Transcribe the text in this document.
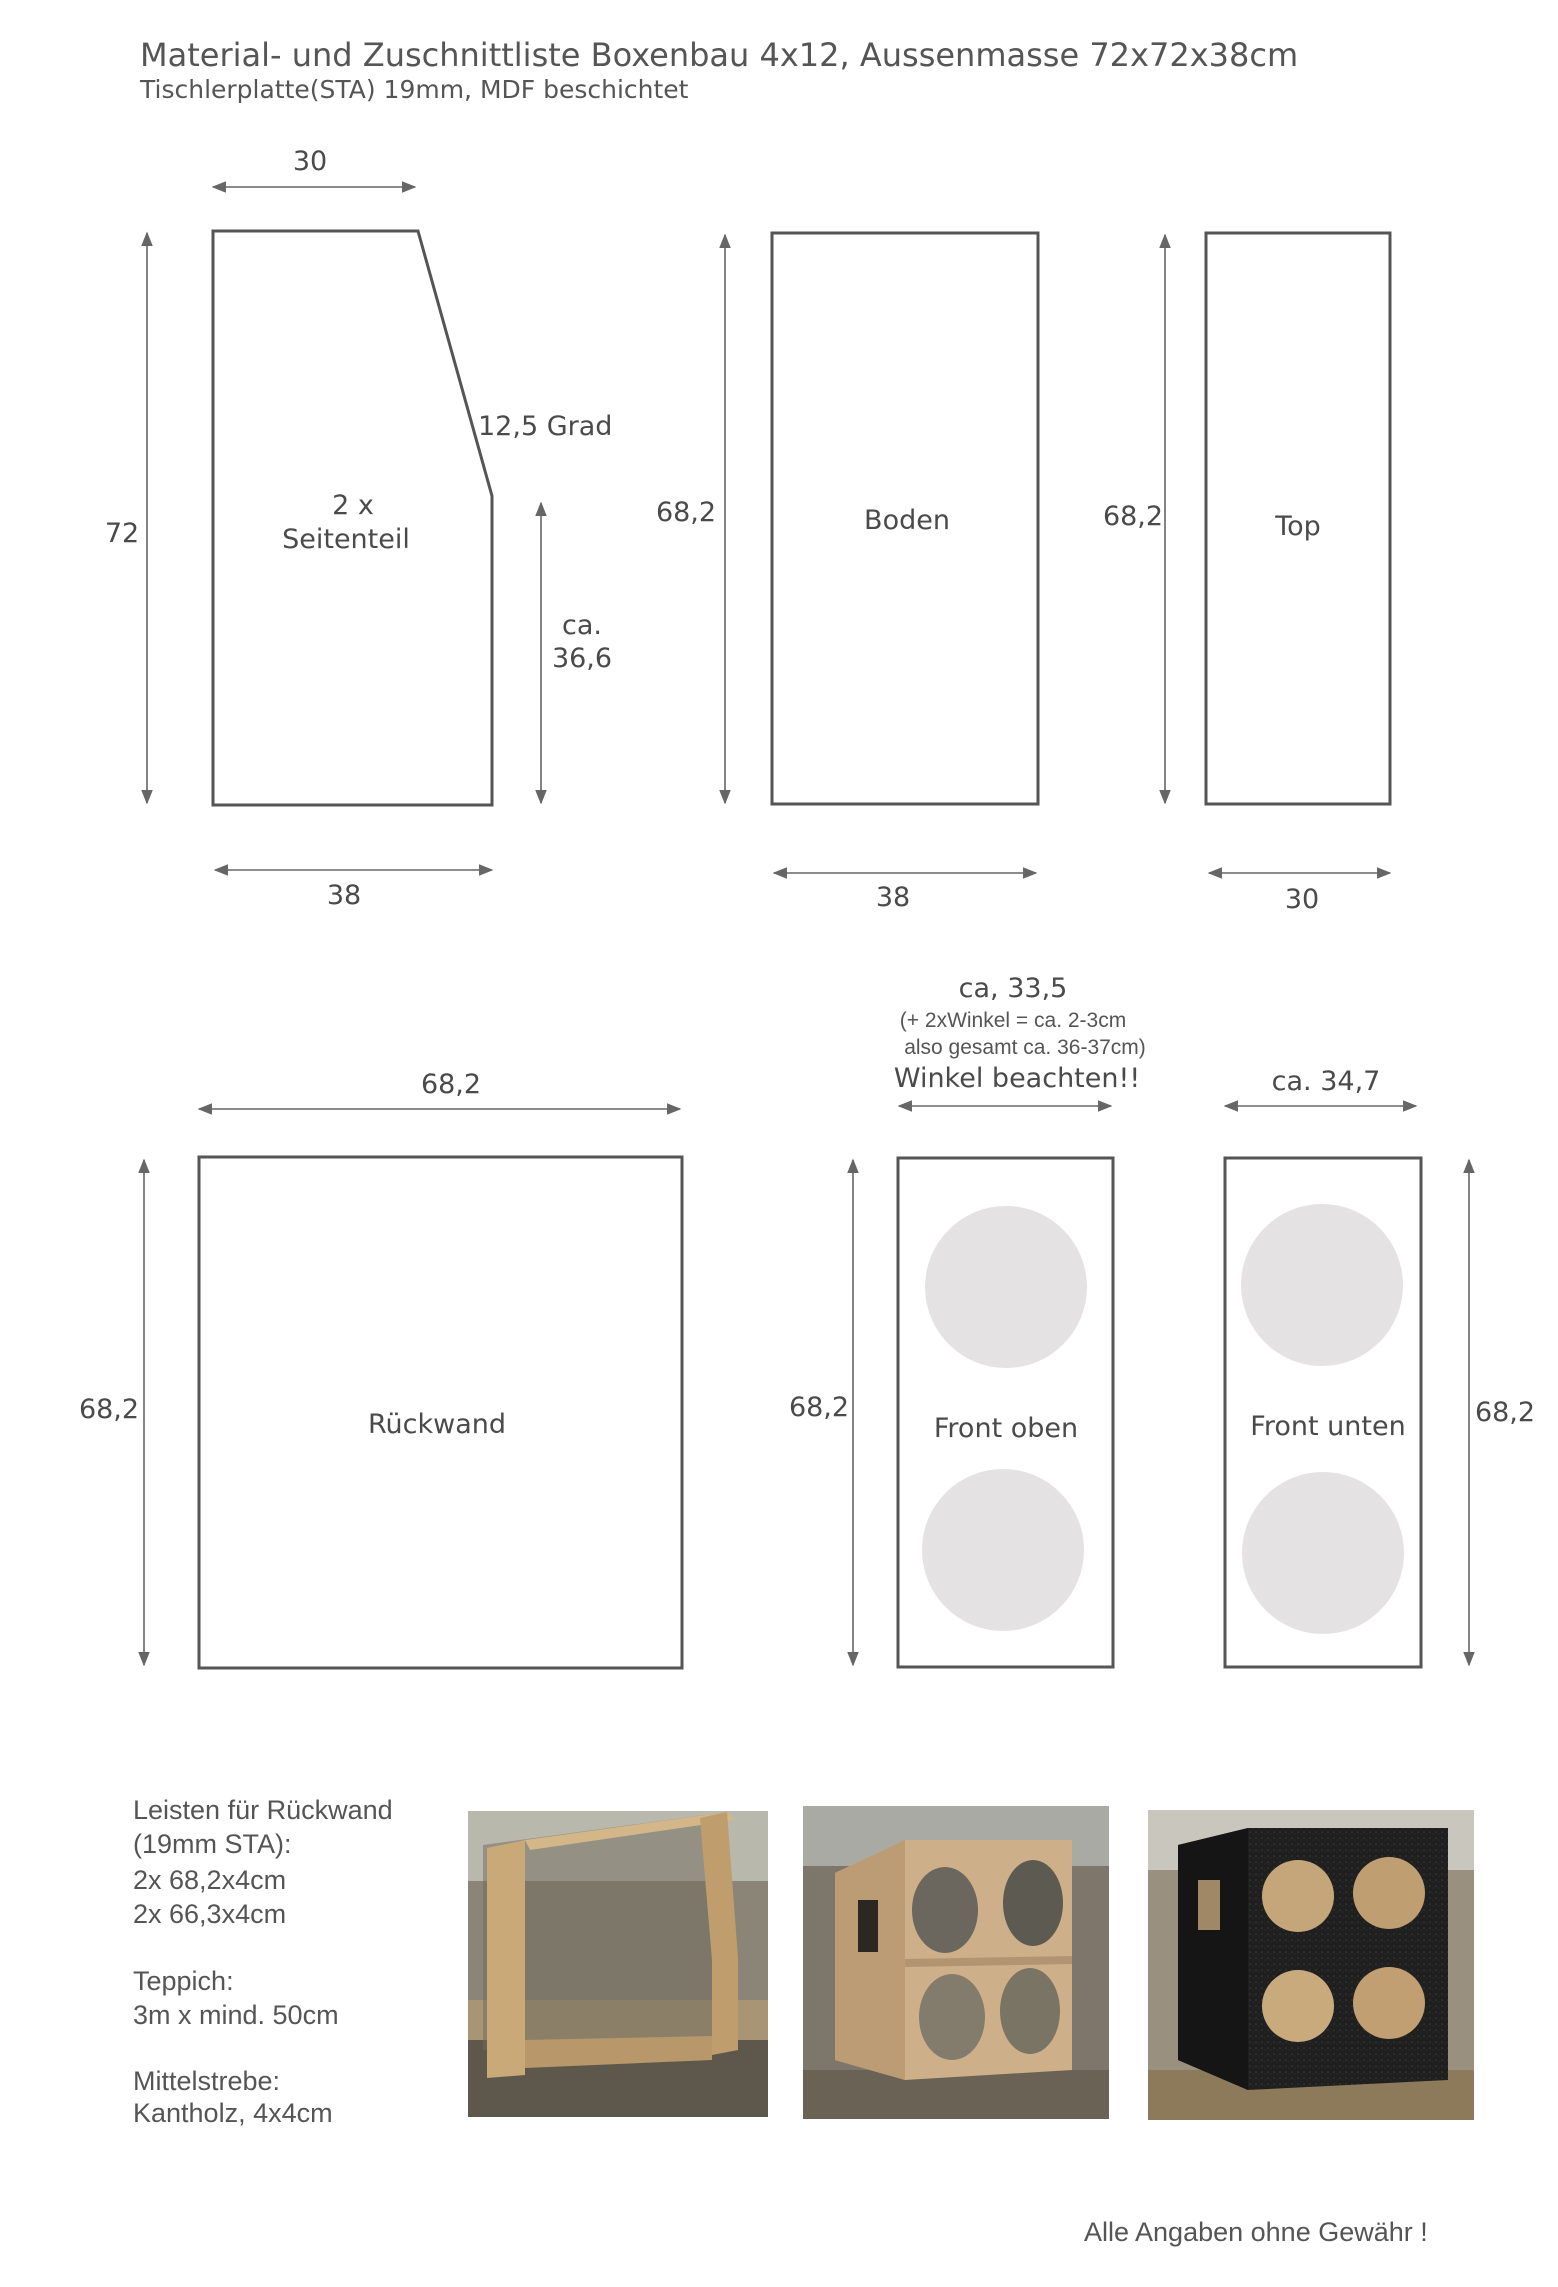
Material- und Zuschnittliste Boxenbau 4x12, Aussenmasse 72x72x38cm
Tischlerplatte(STA) 19mm, MDF beschichtet
30
72
12,5 Grad
ca.
36,6
38
2 x
Seitenteil
Boden
68,2
38
Top
68,2
30
Rückwand
68,2
68,2
Front oben
ca, 33,5
(+ 2xWinkel = ca. 2-3cm
also gesamt ca. 36-37cm)
Winkel beachten!!
68,2
Front unten
ca. 34,7
68,2
Leisten für Rückwand
(19mm STA):
2x 68,2x4cm
2x 66,3x4cm
Teppich:
3m x mind. 50cm
Mittelstrebe:
Kantholz, 4x4cm
Alle Angaben ohne Gewähr !
